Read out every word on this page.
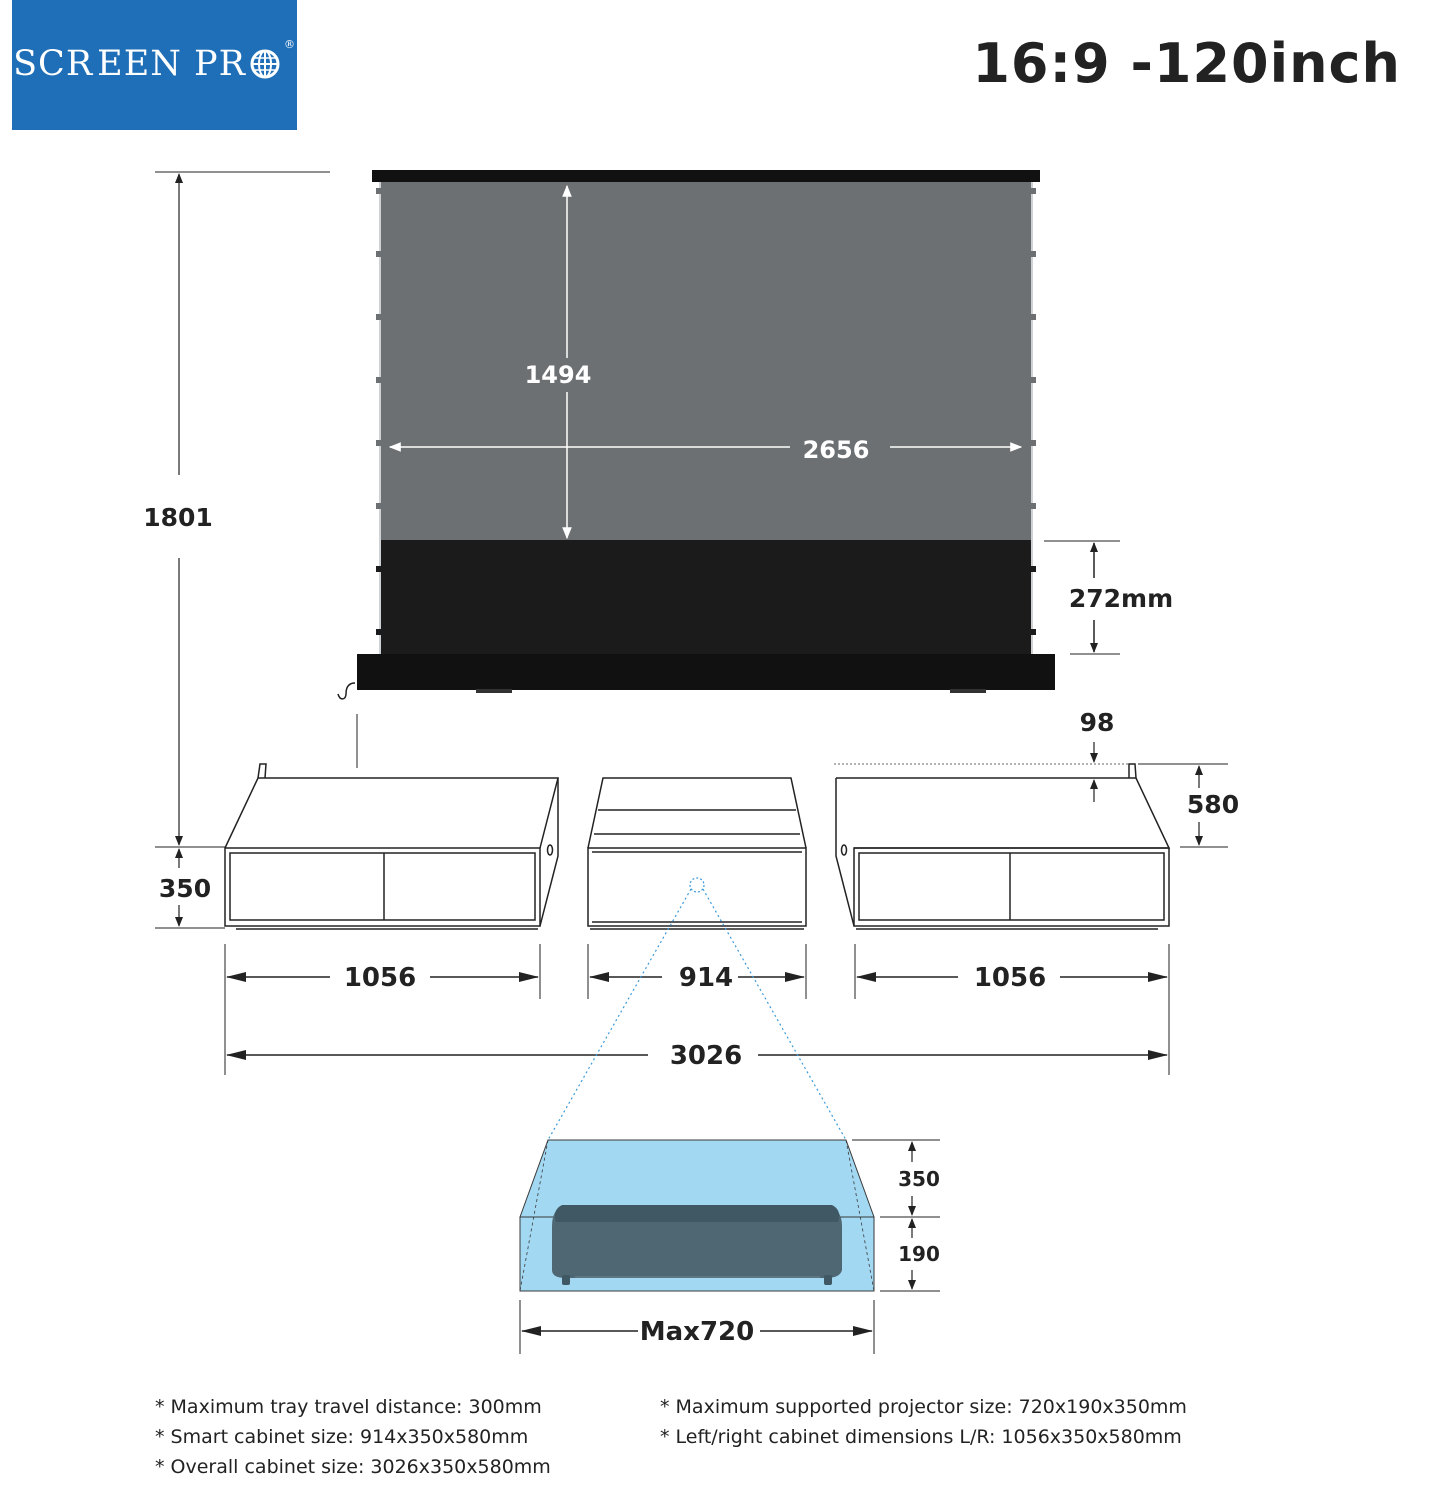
SCR EEN PR	®	16:9 -120inch
1494
2656
272mm
1801
350
98
580
1056	914	1056
3026
350
190
Max720
* Maximum tray travel distance: 300mm
* Smart cabinet size: 914x350x580mm
* Overall cabinet size: 3026x350x580mm
* Maximum supported projector size: 720x190x350mm
* Left/right cabinet dimensions L/R: 1056x350x580mm
